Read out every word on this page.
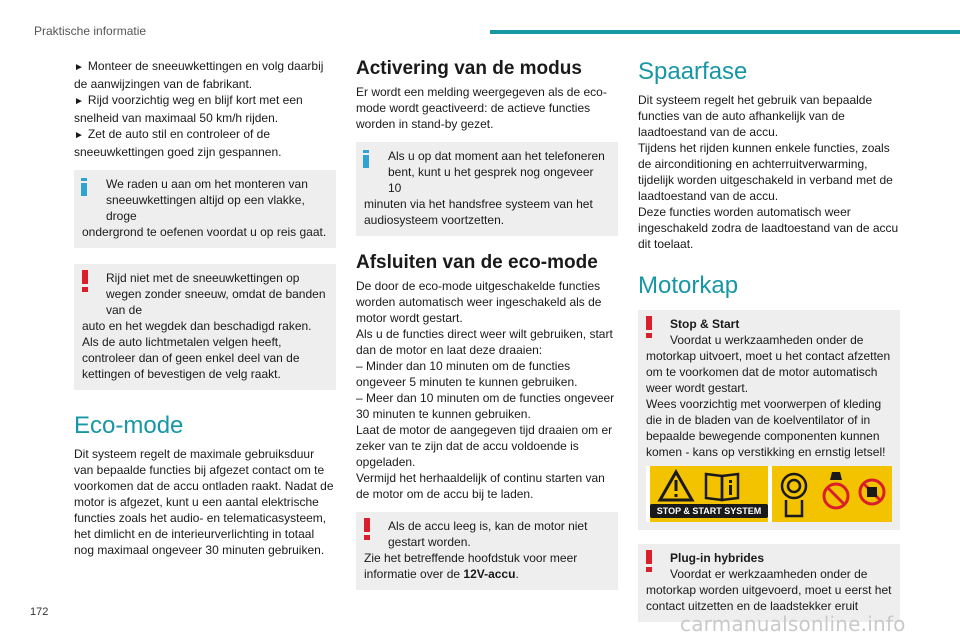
Praktische informatie

► Monteer de sneeuwkettingen en volg daarbij de aanwijzingen van de fabrikant.

► Rijd voorzichtig weg en blijf kort met een snelheid van maximaal 50 km/h rijden.

► Zet de auto stil en controleer of de sneeuwkettingen goed zijn gespannen.

We raden u aan om het monteren van sneeuwkettingen altijd op een vlakke, droge
ondergrond te oefenen voordat u op reis gaat.
Rijd niet met de sneeuwkettingen op wegen zonder sneeuw, omdat de banden van de
auto en het wegdek dan beschadigd raken. Als de auto lichtmetalen velgen heeft, controleer dan of geen enkel deel van de kettingen of bevestigen de velg raakt.
Eco-mode

Dit systeem regelt de maximale gebruiksduur van bepaalde functies bij afgezet contact om te voorkomen dat de accu ontladen raakt. Nadat de motor is afgezet, kunt u een aantal elektrische functies zoals het audio- en telematicasysteem, het dimlicht en de interieurverlichting in totaal nog maximaal ongeveer 30 minuten gebruiken.

Activering van de modus

Er wordt een melding weergegeven als de eco-mode wordt geactiveerd: de actieve functies worden in stand-by gezet.

Als u op dat moment aan het telefoneren bent, kunt u het gesprek nog ongeveer 10
minuten via het handsfree systeem van het audiosysteem voortzetten.
Afsluiten van de eco-mode

De door de eco-mode uitgeschakelde functies worden automatisch weer ingeschakeld als de motor wordt gestart.

Als u de functies direct weer wilt gebruiken, start dan de motor en laat deze draaien:

– Minder dan 10 minuten om de functies ongeveer 5 minuten te kunnen gebruiken.

– Meer dan 10 minuten om de functies ongeveer 30 minuten te kunnen gebruiken.

Laat de motor de aangegeven tijd draaien om er zeker van te zijn dat de accu voldoende is opgeladen.

Vermijd het herhaaldelijk of continu starten van de motor om de accu bij te laden.

Als de accu leeg is, kan de motor niet gestart worden.
Zie het betreffende hoofdstuk voor meer informatie over de 12V-accu.
Spaarfase

Dit systeem regelt het gebruik van bepaalde functies van de auto afhankelijk van de laadtoestand van de accu.

Tijdens het rijden kunnen enkele functies, zoals de airconditioning en achterruitverwarming, tijdelijk worden uitgeschakeld in verband met de laadtoestand van de accu.

Deze functies worden automatisch weer ingeschakeld zodra de laadtoestand van de accu dit toelaat.

Motorkap
Stop & Start
Voordat u werkzaamheden onder de
motorkap uitvoert, moet u het contact afzetten om te voorkomen dat de motor automatisch weer wordt gestart.
Wees voorzichtig met voorwerpen of kleding die in de bladen van de koelventilator of in bepaalde bewegende componenten kunnen komen - kans op verstikking en ernstig letsel!
STOP & START SYSTEM
Plug-in hybrides
Voordat er werkzaamheden onder de
motorkap worden uitgevoerd, moet u eerst het contact uitzetten en de laadstekker eruit
172	carmanualsonline.info
